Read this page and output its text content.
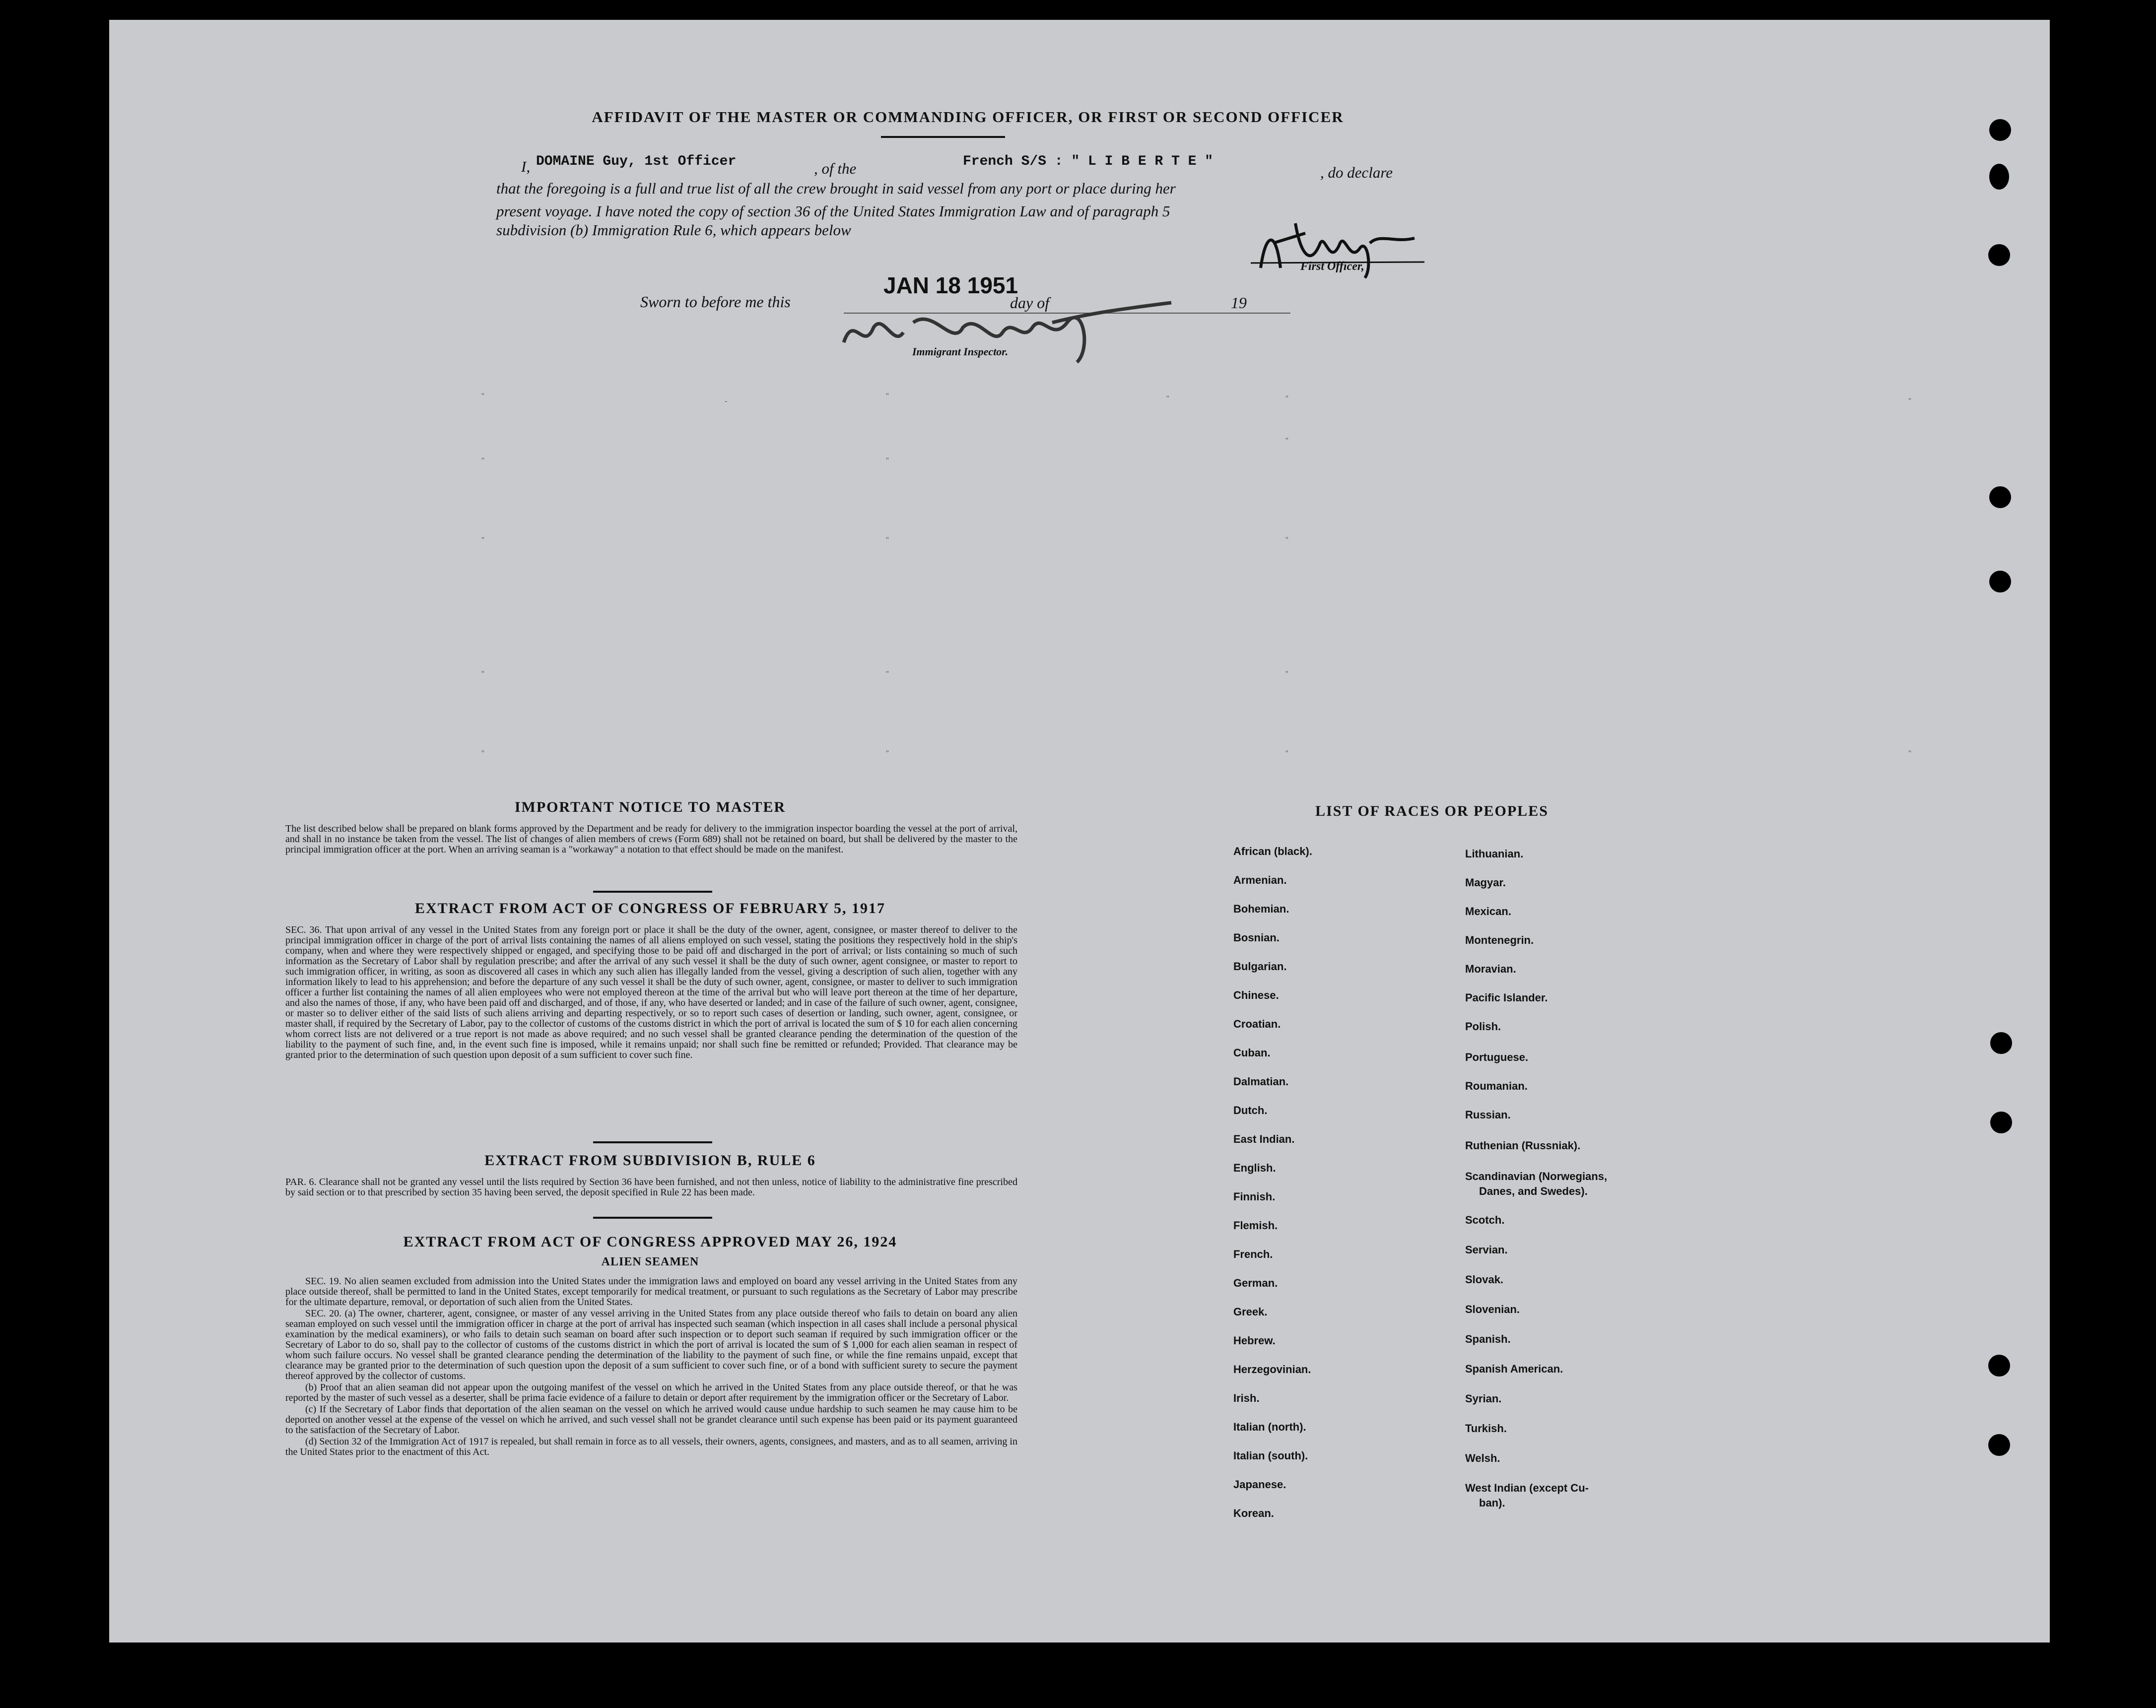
AFFIDAVIT OF THE MASTER OR COMMANDING OFFICER, OR FIRST OR SECOND OFFICER
I, DOMAINE Guy, 1st Officer	, of the	French S/S : " L I B E R T E "
, do declare
that the foregoing is a full and true list of all the crew brought in said vessel from any port or place during her
present voyage. I have noted the copy of section 36 of the United States Immigration Law and of paragraph 5
subdivision (b) Immigration Rule 6, which appears below
First Officer,
Sworn to before me this
JAN 18 1951
day of	19
Immigrant Inspector.
''
-
''	''	''	''
''	''
''
''	''	''
''	''	''
''	''	''	''
IMPORTANT NOTICE TO MASTER
The list described below shall be prepared on blank forms approved by the Department and be ready for delivery to the immigration inspector boarding the vessel at the port of arrival, and shall in no instance be taken from the vessel. The list of changes of alien members of crews (Form 689) shall not be retained on board, but shall be delivered by the master to the principal immigration officer at the port. When an arriving seaman is a "workaway" a notation to that effect should be made on the manifest.
EXTRACT FROM ACT OF CONGRESS OF FEBRUARY 5, 1917
SEC. 36. That upon arrival of any vessel in the United States from any foreign port or place it shall be the duty of the owner, agent, consignee, or master thereof to deliver to the principal immigration officer in charge of the port of arrival lists containing the names of all aliens employed on such vessel, stating the positions they respectively hold in the ship's company, when and where they were respectively shipped or engaged, and specifying those to be paid off and discharged in the port of arrival; or lists containing so much of such information as the Secretary of Labor shall by regulation prescribe; and after the arrival of any such vessel it shall be the duty of such owner, agent consignee, or master to report to such immigration officer, in writing, as soon as discovered all cases in which any such alien has illegally landed from the vessel, giving a description of such alien, together with any information likely to lead to his apprehension; and before the departure of any such vessel it shall be the duty of such owner, agent, consignee, or master to deliver to such immigration officer a further list containing the names of all alien employees who were not employed thereon at the time of the arrival but who will leave port thereon at the time of her departure, and also the names of those, if any, who have been paid off and discharged, and of those, if any, who have deserted or landed; and in case of the failure of such owner, agent, consignee, or master so to deliver either of the said lists of such aliens arriving and departing respectively, or so to report such cases of desertion or landing, such owner, agent, consignee, or master shall, if required by the Secretary of Labor, pay to the collector of customs of the customs district in which the port of arrival is located the sum of $ 10 for each alien concerning whom correct lists are not delivered or a true report is not made as above required; and no such vessel shall be granted clearance pending the determination of the question of the liability to the payment of such fine, and, in the event such fine is imposed, while it remains unpaid; nor shall such fine be remitted or refunded; Provided. That clearance may be granted prior to the determination of such question upon deposit of a sum sufficient to cover such fine.
EXTRACT FROM SUBDIVISION B, RULE 6
PAR. 6. Clearance shall not be granted any vessel until the lists required by Section 36 have been furnished, and not then unless, notice of liability to the administrative fine prescribed by said section or to that prescribed by section 35 having been served, the deposit specified in Rule 22 has been made.
EXTRACT FROM ACT OF CONGRESS APPROVED MAY 26, 1924
ALIEN SEAMEN

SEC. 19. No alien seamen excluded from admission into the United States under the immigration laws and employed on board any vessel arriving in the United States from any place outside thereof, shall be permitted to land in the United States, except temporarily for medical treatment, or pursuant to such regulations as the Secretary of Labor may prescribe for the ultimate departure, removal, or deportation of such alien from the United States.

SEC. 20. (a) The owner, charterer, agent, consignee, or master of any vessel arriving in the United States from any place outside thereof who fails to detain on board any alien seaman employed on such vessel until the immigration officer in charge at the port of arrival has inspected such seaman (which inspection in all cases shall include a personal physical examination by the medical examiners), or who fails to detain such seaman on board after such inspection or to deport such seaman if required by such immigration officer or the Secretary of Labor to do so, shall pay to the collector of customs of the customs district in which the port of arrival is located the sum of $ 1,000 for each alien seaman in respect of whom such failure occurs. No vessel shall be granted clearance pending the determination of the liability to the payment of such fine, or while the fine remains unpaid, except that clearance may be granted prior to the determination of such question upon the deposit of a sum sufficient to cover such fine, or of a bond with sufficient surety to secure the payment thereof approved by the collector of customs.

(b) Proof that an alien seaman did not appear upon the outgoing manifest of the vessel on which he arrived in the United States from any place outside thereof, or that he was reported by the master of such vessel as a deserter, shall be prima facie evidence of a failure to detain or deport after requirement by the immigration officer or the Secretary of Labor.

(c) If the Secretary of Labor finds that deportation of the alien seaman on the vessel on which he arrived would cause undue hardship to such seamen he may cause him to be deported on another vessel at the expense of the vessel on which he arrived, and such vessel shall not be grandet clearance until such expense has been paid or its payment guaranteed to the satisfaction of the Secretary of Labor.

(d) Section 32 of the Immigration Act of 1917 is repealed, but shall remain in force as to all vessels, their owners, agents, consignees, and masters, and as to all seamen, arriving in the United States prior to the enactment of this Act.

LIST OF RACES OR PEOPLES
African (black).
Armenian.
Bohemian.
Bosnian.
Bulgarian.
Chinese.
Croatian.
Cuban.
Dalmatian.
Dutch.
East Indian.
English.
Finnish.
Flemish.
French.
German.
Greek.
Hebrew.
Herzegovinian.
Irish.
Italian (north).
Italian (south).
Japanese.
Korean.
Lithuanian.
Magyar.
Mexican.
Montenegrin.
Moravian.
Pacific Islander.
Polish.
Portuguese.
Roumanian.
Russian.
Ruthenian (Russniak).
Scandinavian (Norwegians,
Danes, and Swedes).
Scotch.
Servian.
Slovak.
Slovenian.
Spanish.
Spanish American.
Syrian.
Turkish.
Welsh.
West Indian (except Cu-
ban).
